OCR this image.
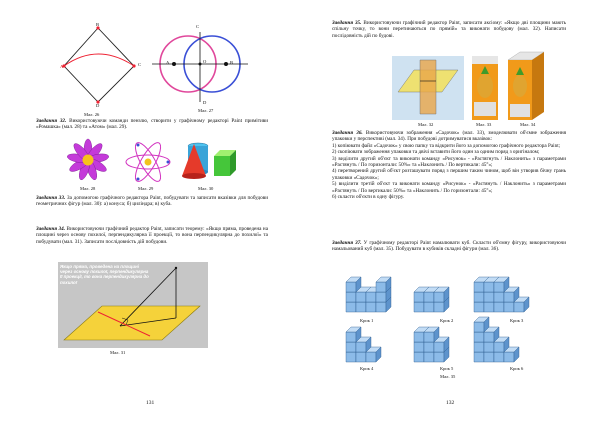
B
A
D
C
Мал. 26
C
A	O	B
D
Мал. 27
Завдання 32. Використовуючи команди пензлю, створити у графічному редакторі Paint примітиви «Ромашка» (мал. 28) та «Атом» (мал. 29).
Мал. 28	Мал. 29	Мал. 30
Завдання 33. За допомогою графічного редактора Paint, побудувати та записати вказівки для побудови геометричних фігур (мал. 30): а) конуса; б) циліндра; в) куба.
Завдання 34. Використовуючи графічний редактор Paint, записати теорему: «Якщо пряма, проведена на площині через основу похилої, перпендикулярна її проекції, то вона перпендикулярна до похилої» та побудувати (мал. 31). Записати послідовність дій побудови.
Якщо пряма, проведена на площині через основу похилої, перпендикулярна її проекції, то вона перпендикулярна до похилої
Мал. 31
131
Завдання 35. Використовуючи графічний редактор Paint, записати аксіому: «Якщо дві площини мають спільну точку, то вони перетинаються по прямій» та виконати побудову (мал. 32). Написати послідовність дій по будові.
Мал. 32	Мал. 33	Мал. 34
Завдання 36. Використовуючи зображення «Садочок» (мал. 33), змоделювати об'ємне зображення упаковки у перспективі (мал. 34). При побудові дотримуватися вказівок:
1) копіювати файл «Садочок» у свою папку та відкрити його за допомогою графічного редактора Paint;
2) скопіювати зображення упаковки та двічі вставити його один за одним поряд з оригіналом;
3) виділити другий об'єкт та виконати команду «Рисунок» - «Растягнуть / Наклонить» з параметрами «Растянуть / По горизонтали: 50%» та «Наклонить / По вертикали: 45°»;
4) перетворений другий об'єкт розташувати поряд з першим таким чином, щоб він утворив бічну грань упаковки «Садочок»;
5) виділити третій об'єкт та виконати команду «Рисунок» - «Растянуть / Наклонить» з параметрами «Растянуть / По вертикали: 50%» та «Наклонить / По горизонтали: 45°»;
6) скласти об'єкти в одну фігуру.
Завдання 37. У графічному редакторі Paint намалювати куб. Скласти об'ємну фігуру, використовуючи намальований куб (мал. 35). Побудувати в кубиків складні фігури (мал. 36).
Крок 1	Крок 2	Крок 3
Крок 4	Крок 5	Крок 6
Мал. 35
132
